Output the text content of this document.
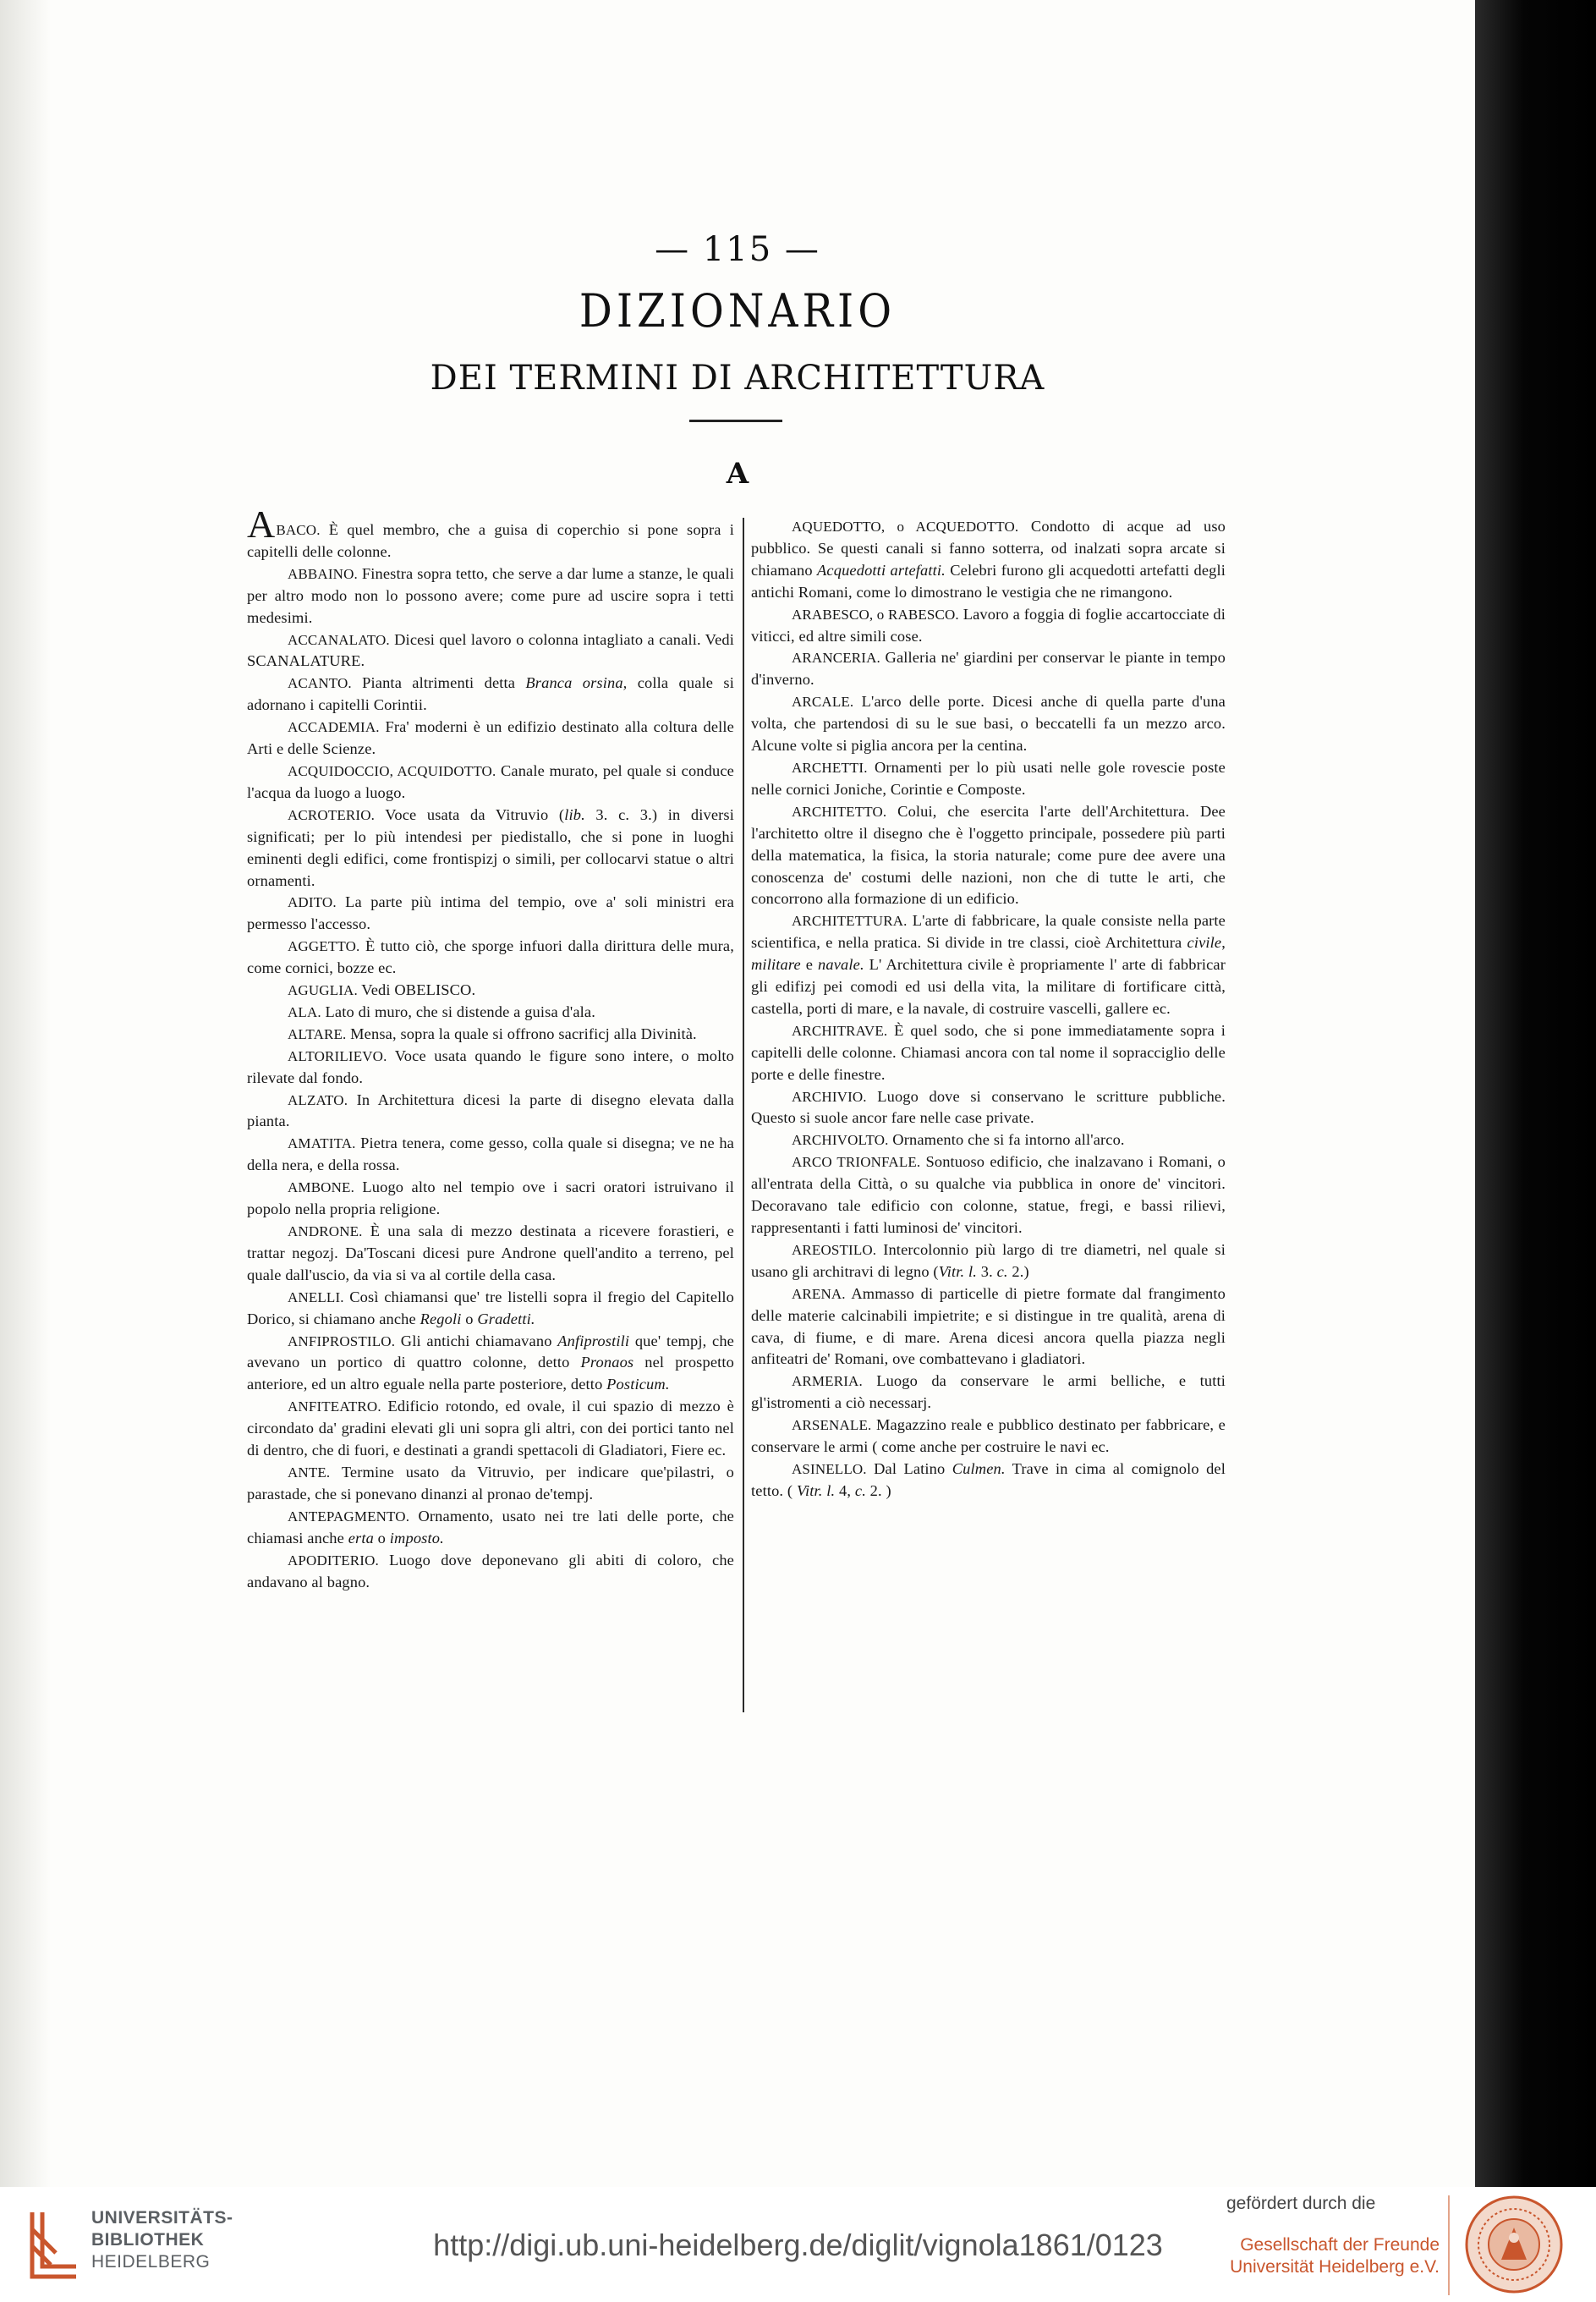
— 115 —
DIZIONARIO
DEI TERMINI DI ARCHITETTURA
A

ABACO. È quel membro, che a guisa di coperchio si pone sopra i capitelli delle colonne.

ABBAINO. Finestra sopra tetto, che serve a dar lume a stanze, le quali per altro modo non lo possono avere; come pure ad uscire sopra i tetti medesimi.

ACCANALATO. Dicesi quel lavoro o colonna intagliato a canali. Vedi SCANALATURE.

ACANTO. Pianta altrimenti detta Branca orsina, colla quale si adornano i capitelli Corintii.

ACCADEMIA. Fra' moderni è un edifizio destinato alla coltura delle Arti e delle Scienze.

ACQUIDOCCIO, ACQUIDOTTO. Canale murato, pel quale si conduce l'acqua da luogo a luogo.

ACROTERIO. Voce usata da Vitruvio (lib. 3. c. 3.) in diversi significati; per lo più intendesi per piedistallo, che si pone in luoghi eminenti degli edifici, come frontispizj o simili, per collocarvi statue o altri ornamenti.

ADITO. La parte più intima del tempio, ove a' soli ministri era permesso l'accesso.

AGGETTO. È tutto ciò, che sporge infuori dalla dirittura delle mura, come cornici, bozze ec.

AGUGLIA. Vedi OBELISCO.

ALA. Lato di muro, che si distende a guisa d'ala.

ALTARE. Mensa, sopra la quale si offrono sacrificj alla Divinità.

ALTORILIEVO. Voce usata quando le figure sono intere, o molto rilevate dal fondo.

ALZATO. In Architettura dicesi la parte di disegno elevata dalla pianta.

AMATITA. Pietra tenera, come gesso, colla quale si disegna; ve ne ha della nera, e della rossa.

AMBONE. Luogo alto nel tempio ove i sacri oratori istruivano il popolo nella propria religione.

ANDRONE. È una sala di mezzo destinata a ricevere forastieri, e trattar negozj. Da'Toscani dicesi pure Androne quell'andito a terreno, pel quale dall'uscio, da via si va al cortile della casa.

ANELLI. Così chiamansi que' tre listelli sopra il fregio del Capitello Dorico, si chiamano anche Regoli o Gradetti.

ANFIPROSTILO. Gli antichi chiamavano Anfiprostili que' tempj, che avevano un portico di quattro colonne, detto Pronaos nel prospetto anteriore, ed un altro eguale nella parte posteriore, detto Posticum.

ANFITEATRO. Edificio rotondo, ed ovale, il cui spazio di mezzo è circondato da' gradini elevati gli uni sopra gli altri, con dei portici tanto nel di dentro, che di fuori, e destinati a grandi spettacoli di Gladiatori, Fiere ec.

ANTE. Termine usato da Vitruvio, per indicare que'pilastri, o parastade, che si ponevano dinanzi al pronao de'tempj.

ANTEPAGMENTO. Ornamento, usato nei tre lati delle porte, che chiamasi anche erta o imposto.

APODITERIO. Luogo dove deponevano gli abiti di coloro, che andavano al bagno.

AQUEDOTTO, o ACQUEDOTTO. Condotto di acque ad uso pubblico. Se questi canali si fanno sotterra, od inalzati sopra arcate si chiamano Acquedotti artefatti. Celebri furono gli acquedotti artefatti degli antichi Romani, come lo dimostrano le vestigia che ne rimangono.

ARABESCO, o RABESCO. Lavoro a foggia di foglie accartocciate di viticci, ed altre simili cose.

ARANCERIA. Galleria ne' giardini per conservar le piante in tempo d'inverno.

ARCALE. L'arco delle porte. Dicesi anche di quella parte d'una volta, che partendosi di su le sue basi, o beccatelli fa un mezzo arco. Alcune volte si piglia ancora per la centina.

ARCHETTI. Ornamenti per lo più usati nelle gole rovescie poste nelle cornici Joniche, Corintie e Composte.

ARCHITETTO. Colui, che esercita l'arte dell'Architettura. Dee l'architetto oltre il disegno che è l'oggetto principale, possedere più parti della matematica, la fisica, la storia naturale; come pure dee avere una conoscenza de' costumi delle nazioni, non che di tutte le arti, che concorrono alla formazione di un edificio.

ARCHITETTURA. L'arte di fabbricare, la quale consiste nella parte scientifica, e nella pratica. Si divide in tre classi, cioè Architettura civile, militare e navale. L' Architettura civile è propriamente l' arte di fabbricar gli edifizj pei comodi ed usi della vita, la militare di fortificare città, castella, porti di mare, e la navale, di costruire vascelli, gallere ec.

ARCHITRAVE. È quel sodo, che si pone immediatamente sopra i capitelli delle colonne. Chiamasi ancora con tal nome il sopracciglio delle porte e delle finestre.

ARCHIVIO. Luogo dove si conservano le scritture pubbliche. Questo si suole ancor fare nelle case private.

ARCHIVOLTO. Ornamento che si fa intorno all'arco.

ARCO TRIONFALE. Sontuoso edificio, che inalzavano i Romani, o all'entrata della Città, o su qualche via pubblica in onore de' vincitori. Decoravano tale edificio con colonne, statue, fregi, e bassi rilievi, rappresentanti i fatti luminosi de' vincitori.

AREOSTILO. Intercolonnio più largo di tre diametri, nel quale si usano gli architravi di legno (Vitr. l. 3. c. 2.)

ARENA. Ammasso di particelle di pietre formate dal frangimento delle materie calcinabili impietrite; e si distingue in tre qualità, arena di cava, di fiume, e di mare. Arena dicesi ancora quella piazza negli anfiteatri de' Romani, ove combattevano i gladiatori.

ARMERIA. Luogo da conservare le armi belliche, e tutti gl'istromenti a ciò necessarj.

ARSENALE. Magazzino reale e pubblico destinato per fabbricare, e conservare le armi ( come anche per costruire le navi ec.

ASINELLO. Dal Latino Culmen. Trave in cima al comignolo del tetto. ( Vitr. l. 4, c. 2. )

UNIVERSITÄTS-
BIBLIOTHEK
HEIDELBERG	http://digi.ub.uni-heidelberg.de/diglit/vignola1861/0123
gefördert durch die
Gesellschaft der Freunde
Universität Heidelberg e.V.
